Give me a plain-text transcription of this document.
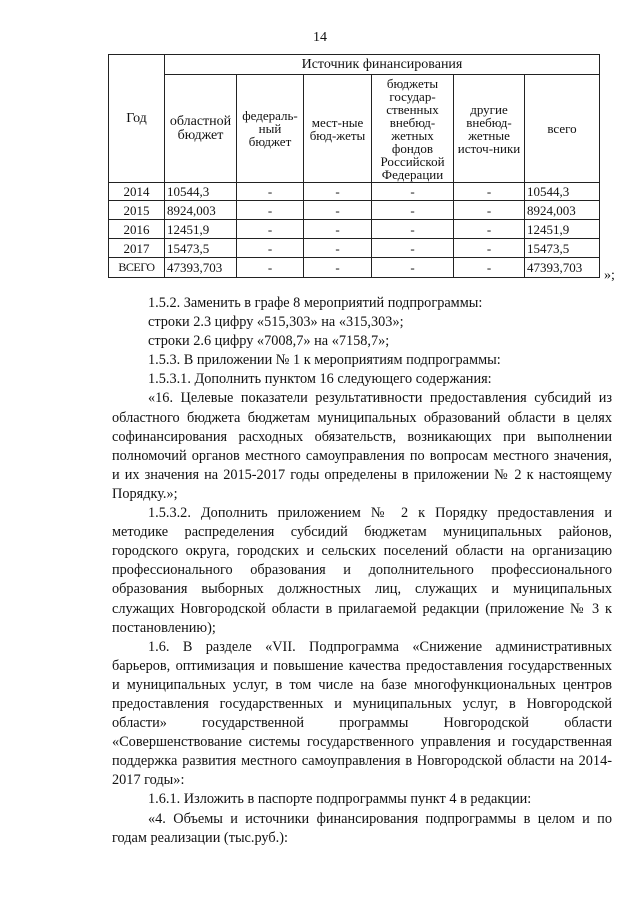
14
Год	Источник финансирования					
	областной бюджет	федераль-ный бюджет	мест-ные бюд-жеты	бюджеты государ-ственных внебюд-жетных фондов Российской Федерации	другие внебюд-жетные источ-ники	всего
2014	10544,3	-	-	-	-	10544,3
2015	8924,003	-	-	-	-	8924,003
2016	12451,9	-	-	-	-	12451,9
2017	15473,5	-	-	-	-	15473,5
ВСЕГО	47393,703	-	-	-	-	47393,703
»;

1.5.2. Заменить в графе 8 мероприятий подпрограммы:

строки 2.3 цифру «515,303» на «315,303»;

строки 2.6 цифру «7008,7» на «7158,7»;

1.5.3. В приложении № 1 к мероприятиям подпрограммы:

1.5.3.1. Дополнить пунктом 16 следующего содержания:

«16. Целевые показатели результативности предоставления субсидий из областного бюджета бюджетам муниципальных образований области в целях софинансирования расходных обязательств, возникающих при выполнении полномочий органов местного самоуправления по вопросам местного значения, и их значения на 2015-2017 годы определены в приложении № 2 к настоящему Порядку.»;

1.5.3.2. Дополнить приложением № 2 к Порядку предоставления и методике распределения субсидий бюджетам муниципальных районов, городского округа, городских и сельских поселений области на организацию профессионального образования и дополнительного профессионального образования выборных должностных лиц, служащих и муниципальных служащих Новгородской области в прилагаемой редакции (приложение № 3 к постановлению);

1.6. В разделе «VII. Подпрограмма «Снижение административных барьеров, оптимизация и повышение качества предоставления государственных и муниципальных услуг, в том числе на базе многофункциональных центров предоставления государственных и муниципальных услуг, в Новгородской области» государственной программы Новгородской области «Совершенствование системы государственного управления и государственная поддержка развития местного самоуправления в Новгородской области на 2014-2017 годы»:

1.6.1. Изложить в паспорте подпрограммы пункт 4 в редакции:

«4. Объемы и источники финансирования подпрограммы в целом и по годам реализации (тыс.руб.):
